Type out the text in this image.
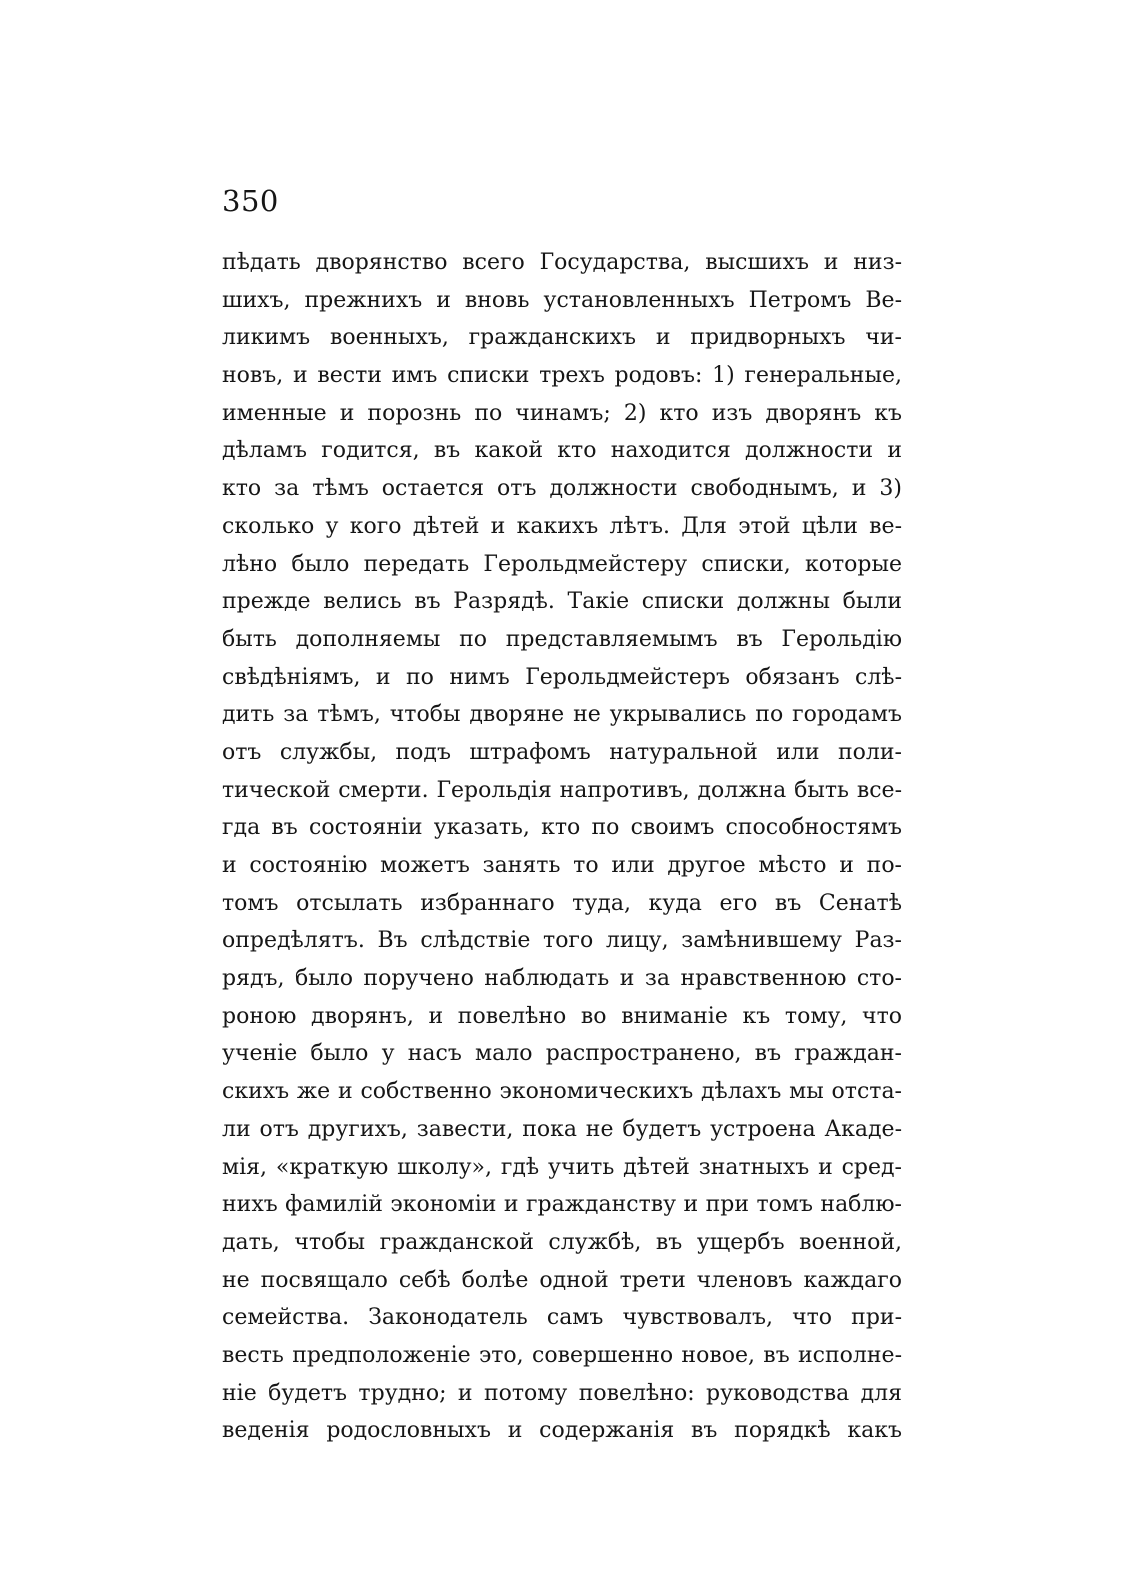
350
пѣдать дворянство всего Государства, высшихъ и низ-
шихъ, прежнихъ и вновь установленныхъ Петромъ Ве-
ликимъ военныхъ, гражданскихъ и придворныхъ чи-
новъ, и вести имъ списки трехъ родовъ: 1) генеральные,
именные и порознь по чинамъ; 2) кто изъ дворянъ къ
дѣламъ годится, въ какой кто находится должности и
кто за тѣмъ остается отъ должности свободнымъ, и 3)
сколько у кого дѣтей и какихъ лѣтъ. Для этой цѣли ве-
лѣно было передать Герольдмейстеру списки, которые
прежде велись въ Разрядѣ. Такіе списки должны были
быть дополняемы по представляемымъ въ Герольдію
свѣдѣніямъ, и по нимъ Герольдмейстеръ обязанъ слѣ-
дить за тѣмъ, чтобы дворяне не укрывались по городамъ
отъ службы, подъ штрафомъ натуральной или поли-
тической смерти. Герольдія напротивъ, должна быть все-
гда въ состояніи указать, кто по своимъ способностямъ
и состоянію можетъ занять то или другое мѣсто и по-
томъ отсылать избраннаго туда, куда его въ Сенатѣ
опредѣлятъ. Въ слѣдствіе того лицу, замѣнившему Раз-
рядъ, было поручено наблюдать и за нравственною сто-
роною дворянъ, и повелѣно во вниманіе къ тому, что
ученіе было у насъ мало распространено, въ граждан-
скихъ же и собственно экономическихъ дѣлахъ мы отста-
ли отъ другихъ, завести, пока не будетъ устроена Акаде-
мія, «краткую школу», гдѣ учить дѣтей знатныхъ и сред-
нихъ фамилій экономіи и гражданству и при томъ наблю-
дать, чтобы гражданской службѣ, въ ущербъ военной,
не посвящало себѣ болѣе одной трети членовъ каждаго
семейства. Законодатель самъ чувствовалъ, что при-
весть предположеніе это, совершенно новое, въ исполне-
ніе будетъ трудно; и потому повелѣно: руководства для
веденія родословныхъ и содержанія въ порядкѣ какъ
